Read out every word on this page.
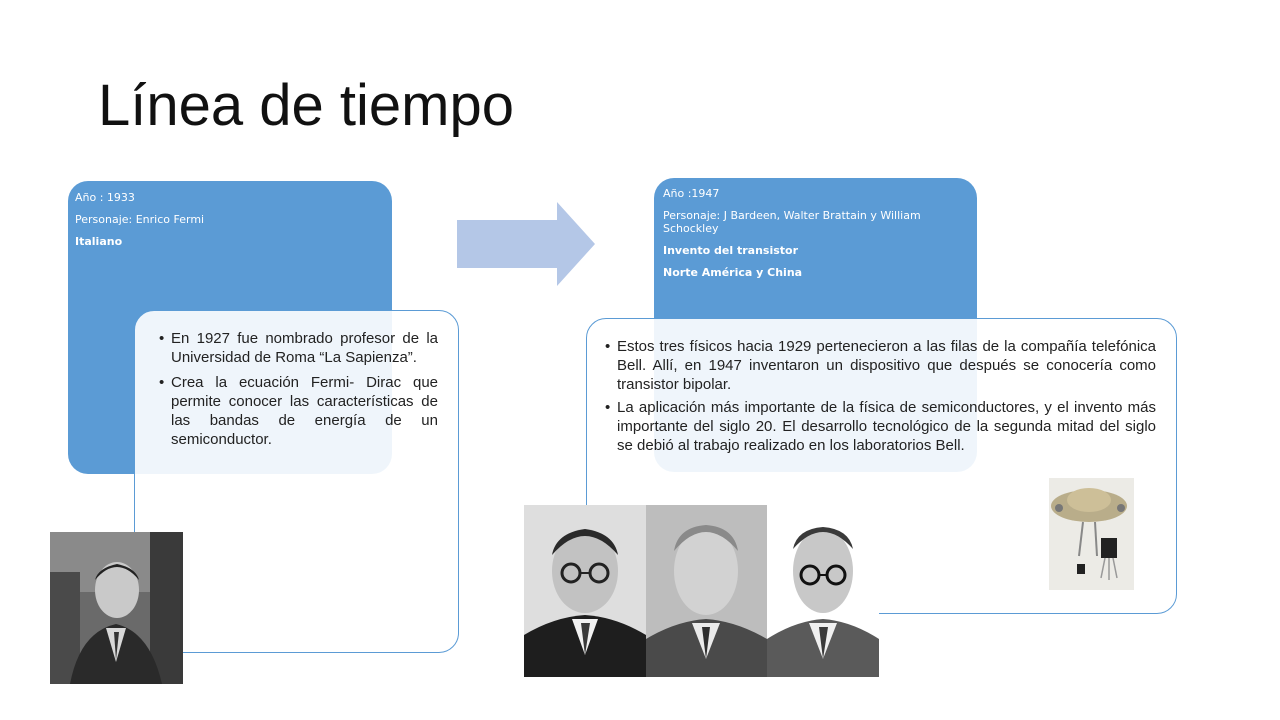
Línea de tiempo

Año : 1933

Personaje: Enrico Fermi

Italiano

• En 1927 fue nombrado profesor de la Universidad de Roma “La Sapienza”.
• Crea la ecuación Fermi- Dirac que permite conocer las características de las bandas de energía de un semiconductor.

Año :1947

Personaje: J Bardeen, Walter Brattain y William Schockley

Invento del transistor

Norte América y China

• Estos tres físicos hacia 1929 pertenecieron a las filas de la compañía telefónica Bell. Allí, en 1947 inventaron un dispositivo que después se conocería como transistor bipolar.
• La aplicación más importante de la física de semiconductores, y el invento más importante del siglo 20. El desarrollo tecnológico de la segunda mitad del siglo se debió al trabajo realizado en los laboratorios Bell.
